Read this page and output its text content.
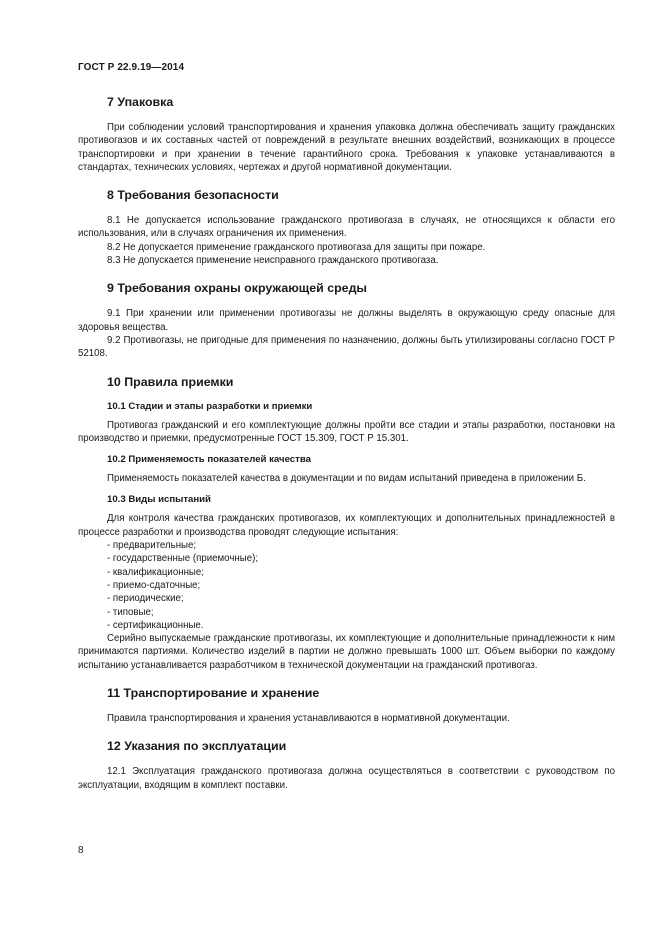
ГОСТ Р 22.9.19—2014
7 Упаковка

При соблюдении условий транспортирования и хранения упаковка должна обеспечивать защиту гражданских противогазов и их составных частей от повреждений в результате внешних воздействий, возникающих в процессе транспортировки и при хранении в течение гарантийного срока. Требования к упаковке устанавливаются в стандартах, технических условиях, чертежах и другой нормативной документации.

8 Требования безопасности

8.1 Не допускается использование гражданского противогаза в случаях, не относящихся к области его использования, или в случаях ограничения их применения.

8.2 Не допускается применение гражданского противогаза для защиты при пожаре.

8.3 Не допускается применение неисправного гражданского противогаза.

9 Требования охраны окружающей среды

9.1 При хранении или применении противогазы не должны выделять в окружающую среду опасные для здоровья вещества.

9.2 Противогазы, не пригодные для применения по назначению, должны быть утилизированы согласно ГОСТ Р 52108.

10 Правила приемки
10.1 Стадии и этапы разработки и приемки

Противогаз гражданский и его комплектующие должны пройти все стадии и этапы разработки, постановки на производство и приемки, предусмотренные ГОСТ 15.309, ГОСТ Р 15.301.

10.2 Применяемость показателей качества

Применяемость показателей качества в документации и по видам испытаний приведена в приложении Б.

10.3 Виды испытаний

Для контроля качества гражданских противогазов, их комплектующих и дополнительных принадлежностей в процессе разработки и производства проводят следующие испытания:

- предварительные;
- государственные (приемочные);
- квалификационные;
- приемо-сдаточные;
- периодические;
- типовые;
- сертификационные.

Серийно выпускаемые гражданские противогазы, их комплектующие и дополнительные принадлежности к ним принимаются партиями. Количество изделий в партии не должно превышать 1000 шт. Объем выборки по каждому испытанию устанавливается разработчиком в технической документации на гражданский противогаз.

11 Транспортирование и хранение

Правила транспортирования и хранения устанавливаются в нормативной документации.

12 Указания по эксплуатации

12.1 Эксплуатация гражданского противогаза должна осуществляться в соответствии с руководством по эксплуатации, входящим в комплект поставки.

8
